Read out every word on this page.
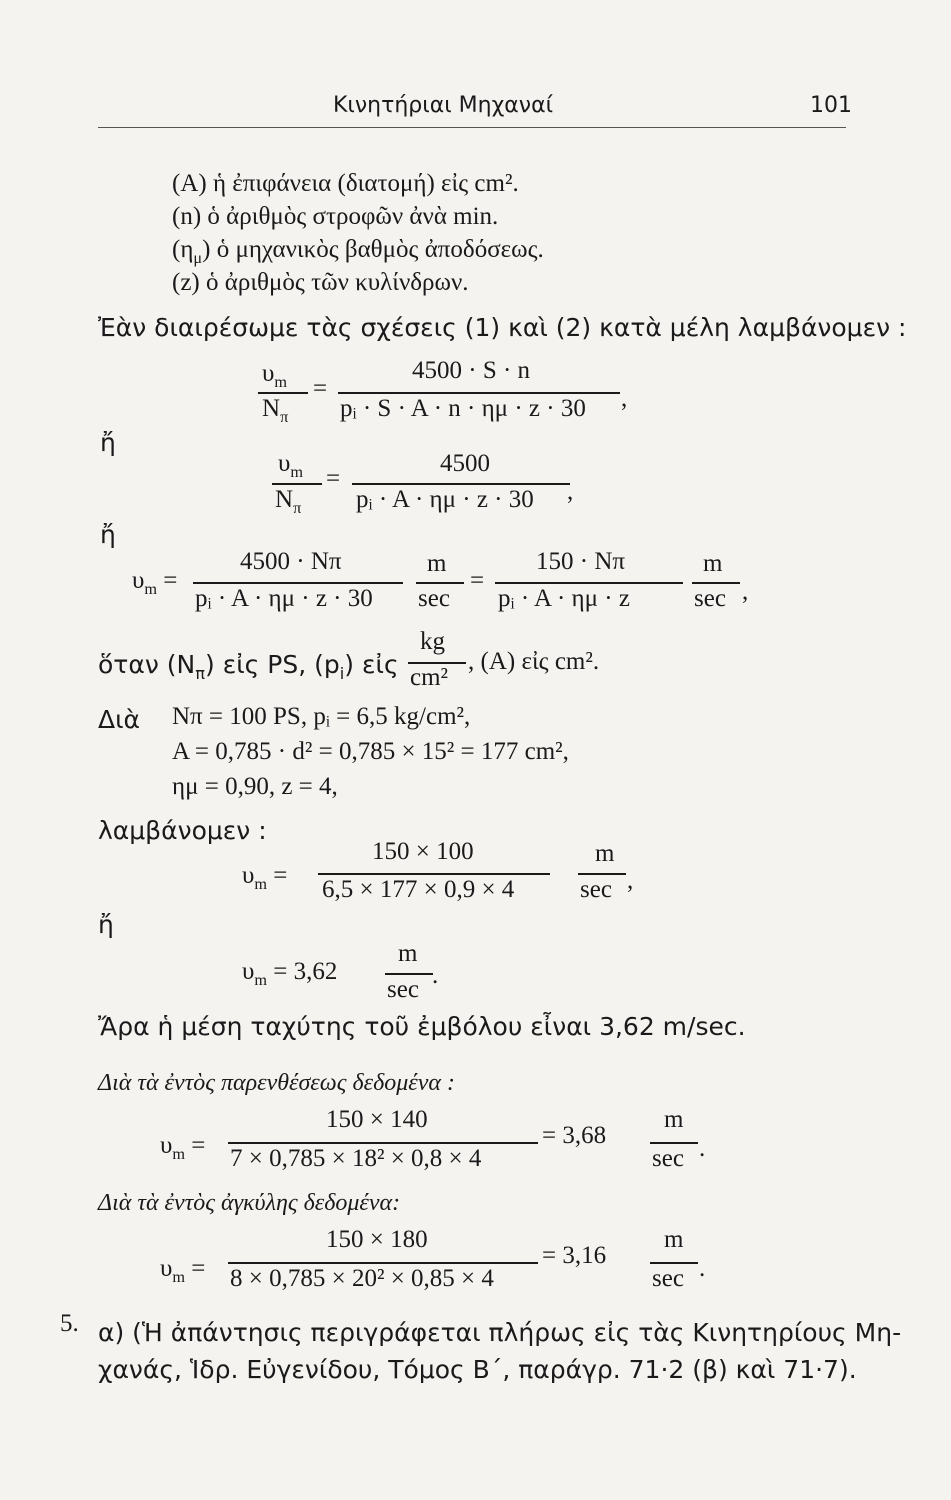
Κινητήριαι Μηχαναί	101
(A) ἡ ἐπιφάνεια (διατομή) εἰς cm².
(n) ὁ ἀριθμὸς στροφῶν ἀνὰ min.
$(\eta_\mu)$ ὁ μηχανικὸς βαθμὸς ἀποδόσεως.
(z) ὁ ἀριθμὸς τῶν κυλίνδρων.
Ἐὰν διαιρέσωμε τὰς σχέσεις (1) καὶ (2) κατὰ μέλη λαμβάνομεν :
$\upsilon_m$
$N_\pi$
=
4500 · S · n
pᵢ · S · A · n · ημ · z · 30 ,
ἤ
$\upsilon_m$
$N_\pi$
=
4500
pᵢ · A · ημ · z · 30 ,
ἤ
$\upsilon_m$ =
4500 · Nπ
pᵢ · A · ημ · z · 30
m
sec
=
150 · Nπ
pᵢ · A · ημ · z
m
sec ,
ὅταν $(N_\pi)$ εἰς PS, $(p_i)$ εἰς
kg
cm²
, (A) εἰς cm².
Διὰ Nπ = 100 PS, pᵢ = 6,5 kg/cm²,
A = 0,785 · d² = 0,785 × 15² = 177 cm²,
ημ = 0,90, z = 4,
λαμβάνομεν :
$\upsilon_m$ =
150 × 100
6,5 × 177 × 0,9 × 4
m
sec ,
ἤ
$\upsilon_m = 3,62$
m
sec
.
Ἄρα ἡ μέση ταχύτης τοῦ ἐμβόλου εἶναι 3,62 m/sec.
Διὰ τὰ ἐντὸς παρενθέσεως δεδομένα :
$\upsilon_m$ =
150 × 140
7 × 0,785 × 18² × 0,8 × 4
= 3,68
m
sec .
Διὰ τὰ ἐντὸς ἀγκύλης δεδομένα:
$\upsilon_m$ =
150 × 180
8 × 0,785 × 20² × 0,85 × 4
= 3,16
m
sec .
5. α) (Ἡ ἀπάντησις περιγράφεται πλήρως εἰς τὰς Κινητηρίους Μη-
χανάς, Ἱδρ. Εὐγενίδου, Τόμος Β΄, παράγρ. 71·2 (β) καὶ 71·7).
